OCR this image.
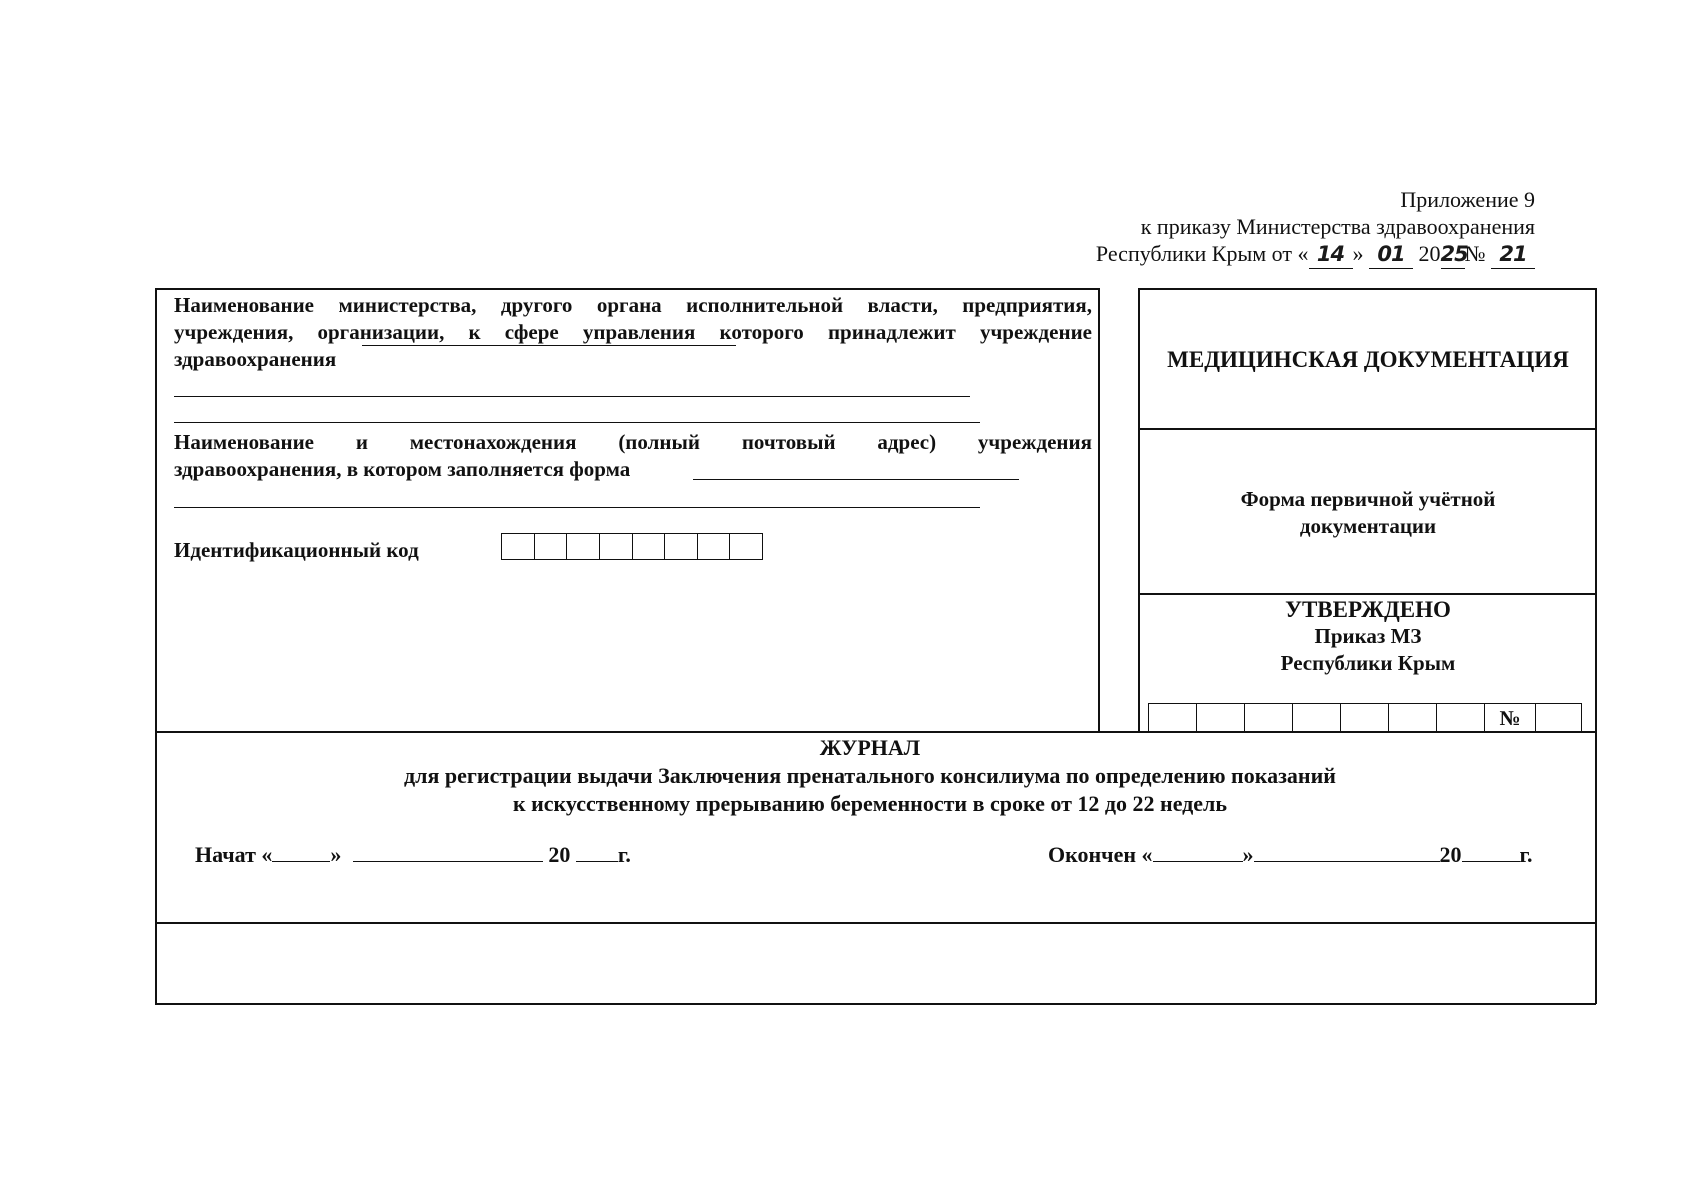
Приложение 9
к приказу Министерства здравоохранения
Республики Крым от « 14 » 01 2025№ 21
Наименование министерства, другого органа исполнительной власти, предприятия, учреждения, организации, к сфере управления которого принадлежит учреждение здравоохранения
Наименование и местонахождения (полный почтовый адрес) учреждения
здравоохранения, в котором заполняется форма
Идентификационный код
МЕДИЦИНСКАЯ ДОКУМЕНТАЦИЯ
Форма первичной учётной
документации
УТВЕРЖДЕНО
Приказ МЗ
Республики Крым
№
ЖУРНАЛ
для регистрации выдачи Заключения пренатального консилиума по определению показаний
к искусственному прерыванию беременности в сроке от 12 до 22 недель
Начат «	»	20 г.	Окончен «	»	20	г.
